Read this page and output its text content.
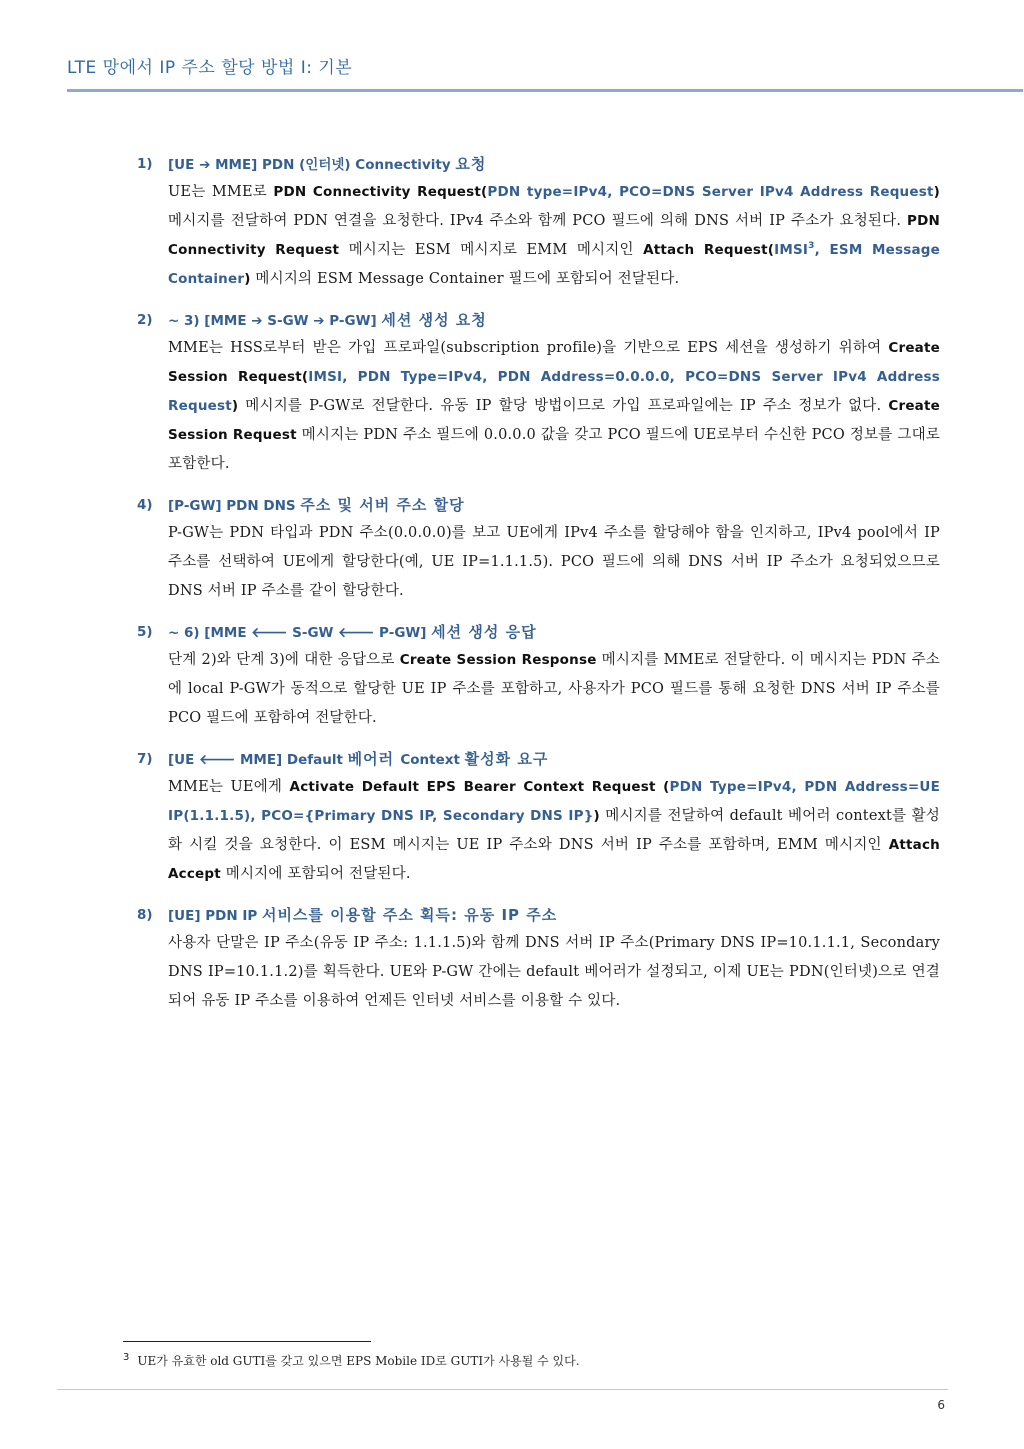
LTE 망에서 IP 주소 할당 방법 I: 기본
1)	[UE ➔ MME] PDN (인터넷) Connectivity 요청
UE는 MME로 PDN Connectivity Request(PDN type=IPv4, PCO=DNS Server IPv4 Address Request) 메시지를 전달하여 PDN 연결을 요청한다. IPv4 주소와 함께 PCO 필드에 의해 DNS 서버 IP 주소가 요청된다. PDN Connectivity Request 메시지는 ESM 메시지로 EMM 메시지인 Attach Request(IMSI$^3$, ESM Message Container) 메시지의 ESM Message Container 필드에 포함되어 전달된다.
2)	~ 3) [MME ➔ S-GW ➔ P-GW] 세션 생성 요청
MME는 HSS로부터 받은 가입 프로파일(subscription profile)을 기반으로 EPS 세션을 생성하기 위하여 Create Session Request(IMSI, PDN Type=IPv4, PDN Address=0.0.0.0, PCO=DNS Server IPv4 Address Request) 메시지를 P-GW로 전달한다. 유동 IP 할당 방법이므로 가입 프로파일에는 IP 주소 정보가 없다. Create Session Request 메시지는 PDN 주소 필드에 0.0.0.0 값을 갖고 PCO 필드에 UE로부터 수신한 PCO 정보를 그대로 포함한다.
4)	[P-GW] PDN DNS 주소 및 서버 주소 할당
P-GW는 PDN 타입과 PDN 주소(0.0.0.0)를 보고 UE에게 IPv4 주소를 할당해야 함을 인지하고, IPv4 pool에서 IP 주소를 선택하여 UE에게 할당한다(예, UE IP=1.1.1.5). PCO 필드에 의해 DNS 서버 IP 주소가 요청되었으므로 DNS 서버 IP 주소를 같이 할당한다.
5)	~ 6) [MME 🡐 S-GW 🡐 P-GW] 세션 생성 응답
단계 2)와 단계 3)에 대한 응답으로 Create Session Response 메시지를 MME로 전달한다. 이 메시지는 PDN 주소에 local P-GW가 동적으로 할당한 UE IP 주소를 포함하고, 사용자가 PCO 필드를 통해 요청한 DNS 서버 IP 주소를 PCO 필드에 포함하여 전달한다.
7)	[UE 🡐 MME] Default 베어러 Context 활성화 요구
MME는 UE에게 Activate Default EPS Bearer Context Request (PDN Type=IPv4, PDN Address=UE IP(1.1.1.5), PCO={Primary DNS IP, Secondary DNS IP}) 메시지를 전달하여 default 베어러 context를 활성화 시킬 것을 요청한다. 이 ESM 메시지는 UE IP 주소와 DNS 서버 IP 주소를 포함하며, EMM 메시지인 Attach Accept 메시지에 포함되어 전달된다.
8)	[UE] PDN IP 서비스를 이용할 주소 획득: 유동 IP 주소
사용자 단말은 IP 주소(유동 IP 주소: 1.1.1.5)와 함께 DNS 서버 IP 주소(Primary DNS IP=10.1.1.1, Secondary DNS IP=10.1.1.2)를 획득한다. UE와 P-GW 간에는 default 베어러가 설정되고, 이제 UE는 PDN(인터넷)으로 연결되어 유동 IP 주소를 이용하여 언제든 인터넷 서비스를 이용할 수 있다.
$^3$ UE가 유효한 old GUTI를 갖고 있으면 EPS Mobile ID로 GUTI가 사용될 수 있다.
6
